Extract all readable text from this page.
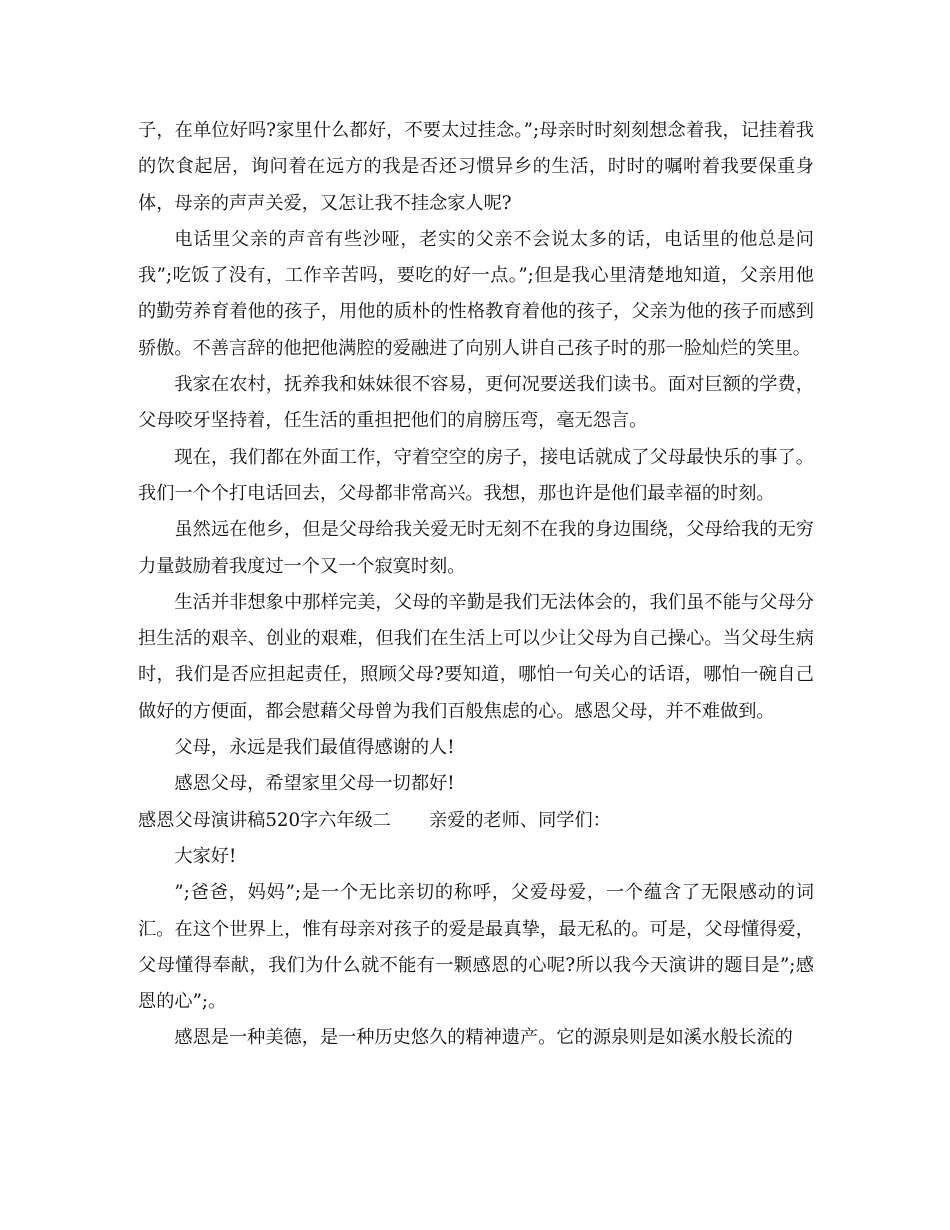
子，在单位好吗?家里什么都好，不要太过挂念。”;母亲时时刻刻想念着我，记挂着我的饮食起居，询问着在远方的我是否还习惯异乡的生活，时时的嘱咐着我要保重身体，母亲的声声关爱，又怎让我不挂念家人呢?

电话里父亲的声音有些沙哑，老实的父亲不会说太多的话，电话里的他总是问我”;吃饭了没有，工作辛苦吗，要吃的好一点。”;但是我心里清楚地知道，父亲用他的勤劳养育着他的孩子，用他的质朴的性格教育着他的孩子，父亲为他的孩子而感到骄傲。不善言辞的他把他满腔的爱融进了向别人讲自己孩子时的那一脸灿烂的笑里。

我家在农村，抚养我和妹妹很不容易，更何况要送我们读书。面对巨额的学费，父母咬牙坚持着，任生活的重担把他们的肩膀压弯，毫无怨言。

现在，我们都在外面工作，守着空空的房子，接电话就成了父母最快乐的事了。我们一个个打电话回去，父母都非常高兴。我想，那也许是他们最幸福的时刻。

虽然远在他乡，但是父母给我关爱无时无刻不在我的身边围绕，父母给我的无穷力量鼓励着我度过一个又一个寂寞时刻。

生活并非想象中那样完美，父母的辛勤是我们无法体会的，我们虽不能与父母分担生活的艰辛、创业的艰难，但我们在生活上可以少让父母为自己操心。当父母生病时，我们是否应担起责任，照顾父母?要知道，哪怕一句关心的话语，哪怕一碗自己做好的方便面，都会慰藉父母曾为我们百般焦虑的心。感恩父母，并不难做到。

父母，永远是我们最值得感谢的人!

感恩父母，希望家里父母一切都好!

感恩父母演讲稿520字六年级二 亲爱的老师、同学们：

大家好!

”;爸爸，妈妈”;是一个无比亲切的称呼，父爱母爱，一个蕴含了无限感动的词汇。在这个世界上，惟有母亲对孩子的爱是最真挚，最无私的。可是，父母懂得爱，父母懂得奉献，我们为什么就不能有一颗感恩的心呢?所以我今天演讲的题目是”;感恩的心”;。

感恩是一种美德，是一种历史悠久的精神遗产。它的源泉则是如溪水般长流的
